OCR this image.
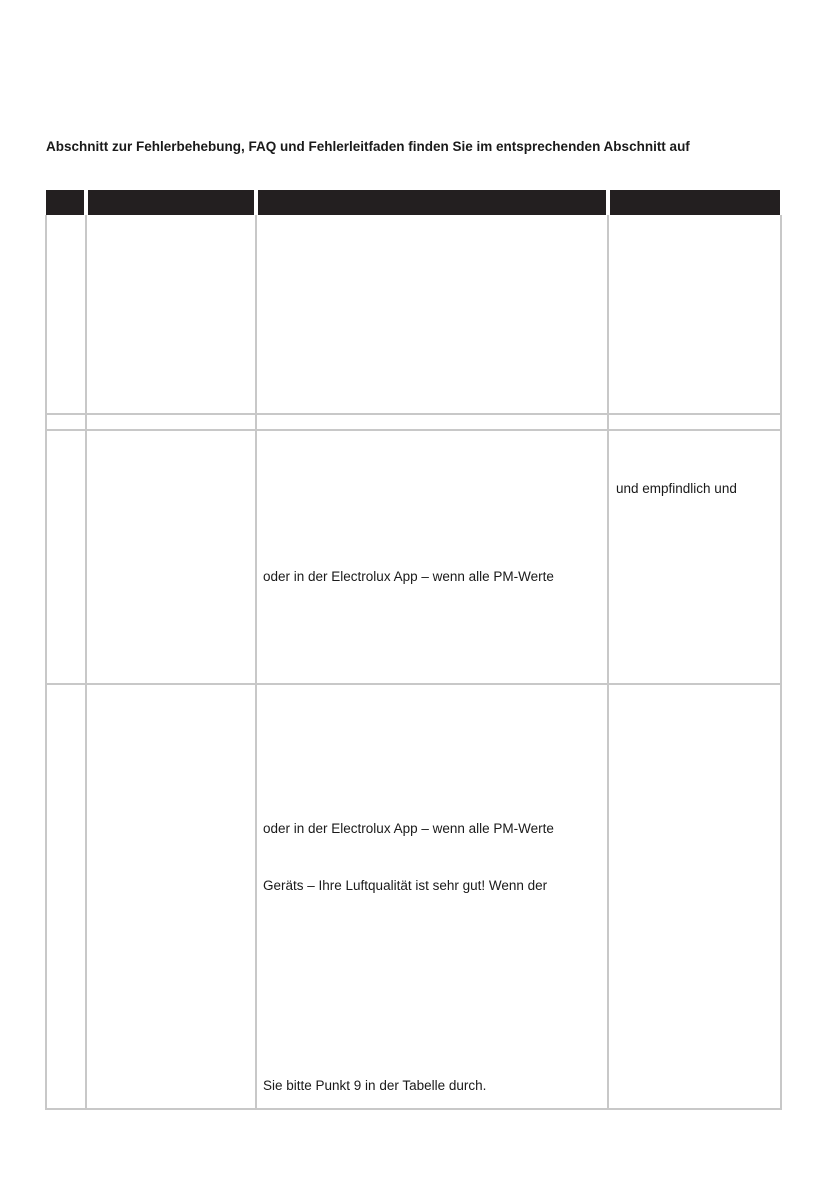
Abschnitt zur Fehlerbehebung, FAQ und Fehlerleitfaden finden Sie im entsprechenden Abschnitt auf
und empfindlich und
oder in der Electrolux App – wenn alle PM-Werte
oder in der Electrolux App – wenn alle PM-Werte
Geräts – Ihre Luftqualität ist sehr gut! Wenn der
Sie bitte Punkt 9 in der Tabelle durch.
